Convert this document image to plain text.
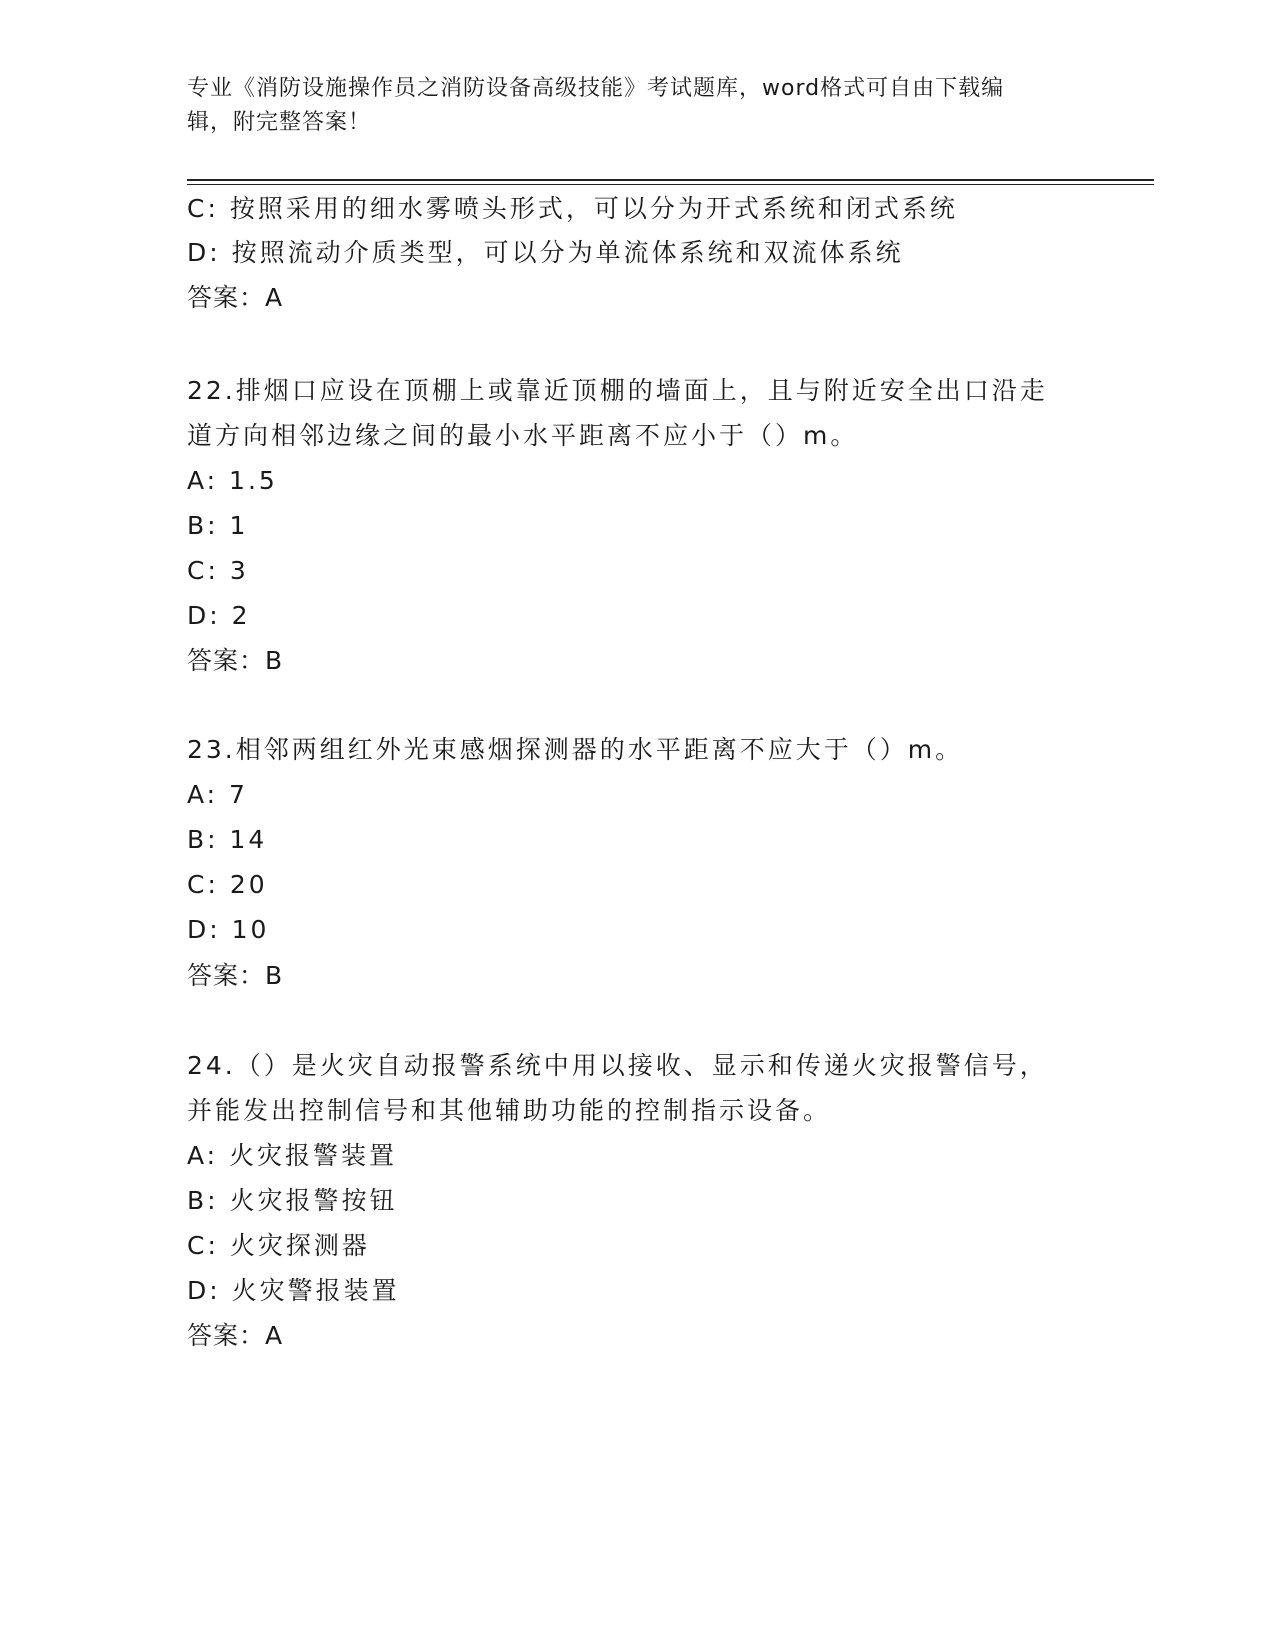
专业《消防设施操作员之消防设备高级技能》考试题库，word格式可自由下载编
辑，附完整答案！
C: 按照采用的细水雾喷头形式，可以分为开式系统和闭式系统
D: 按照流动介质类型，可以分为单流体系统和双流体系统
答案：A
22.排烟口应设在顶棚上或靠近顶棚的墙面上，且与附近安全出口沿走
道方向相邻边缘之间的最小水平距离不应小于（）m。
A: 1.5
B: 1
C: 3
D: 2
答案：B
23.相邻两组红外光束感烟探测器的水平距离不应大于（）m。
A: 7
B: 14
C: 20
D: 10
答案：B
24.（）是火灾自动报警系统中用以接收、显示和传递火灾报警信号，
并能发出控制信号和其他辅助功能的控制指示设备。
A: 火灾报警装置
B: 火灾报警按钮
C: 火灾探测器
D: 火灾警报装置
答案：A
